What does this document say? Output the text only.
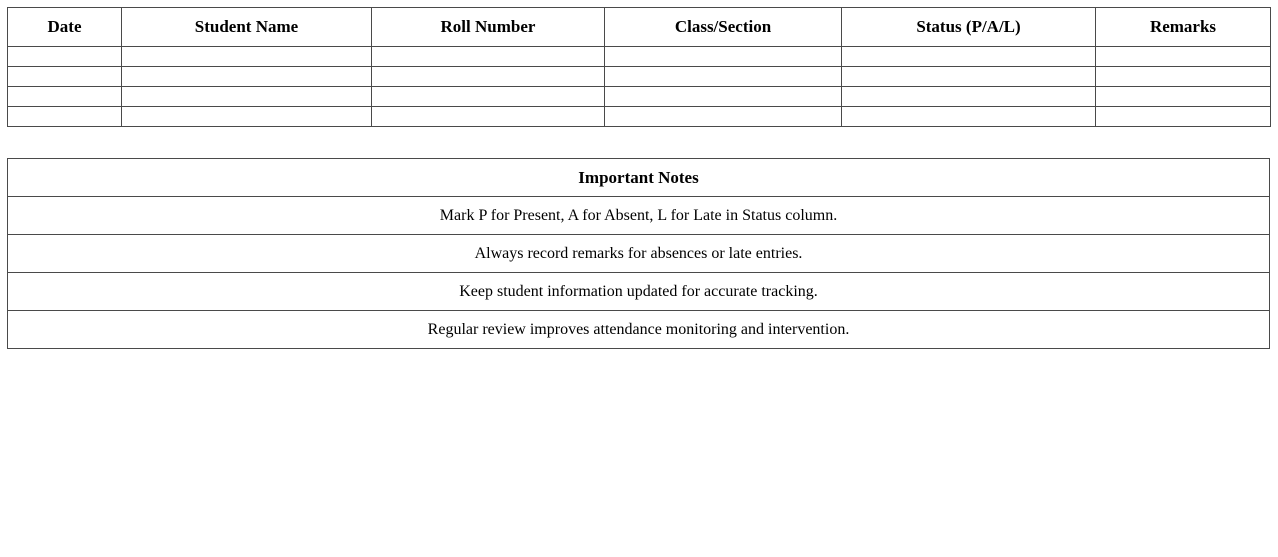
Date	Student Name	Roll Number	Class/Section	Status (P/A/L)	Remarks

Important Notes
Mark P for Present, A for Absent, L for Late in Status column.
Always record remarks for absences or late entries.
Keep student information updated for accurate tracking.
Regular review improves attendance monitoring and intervention.
